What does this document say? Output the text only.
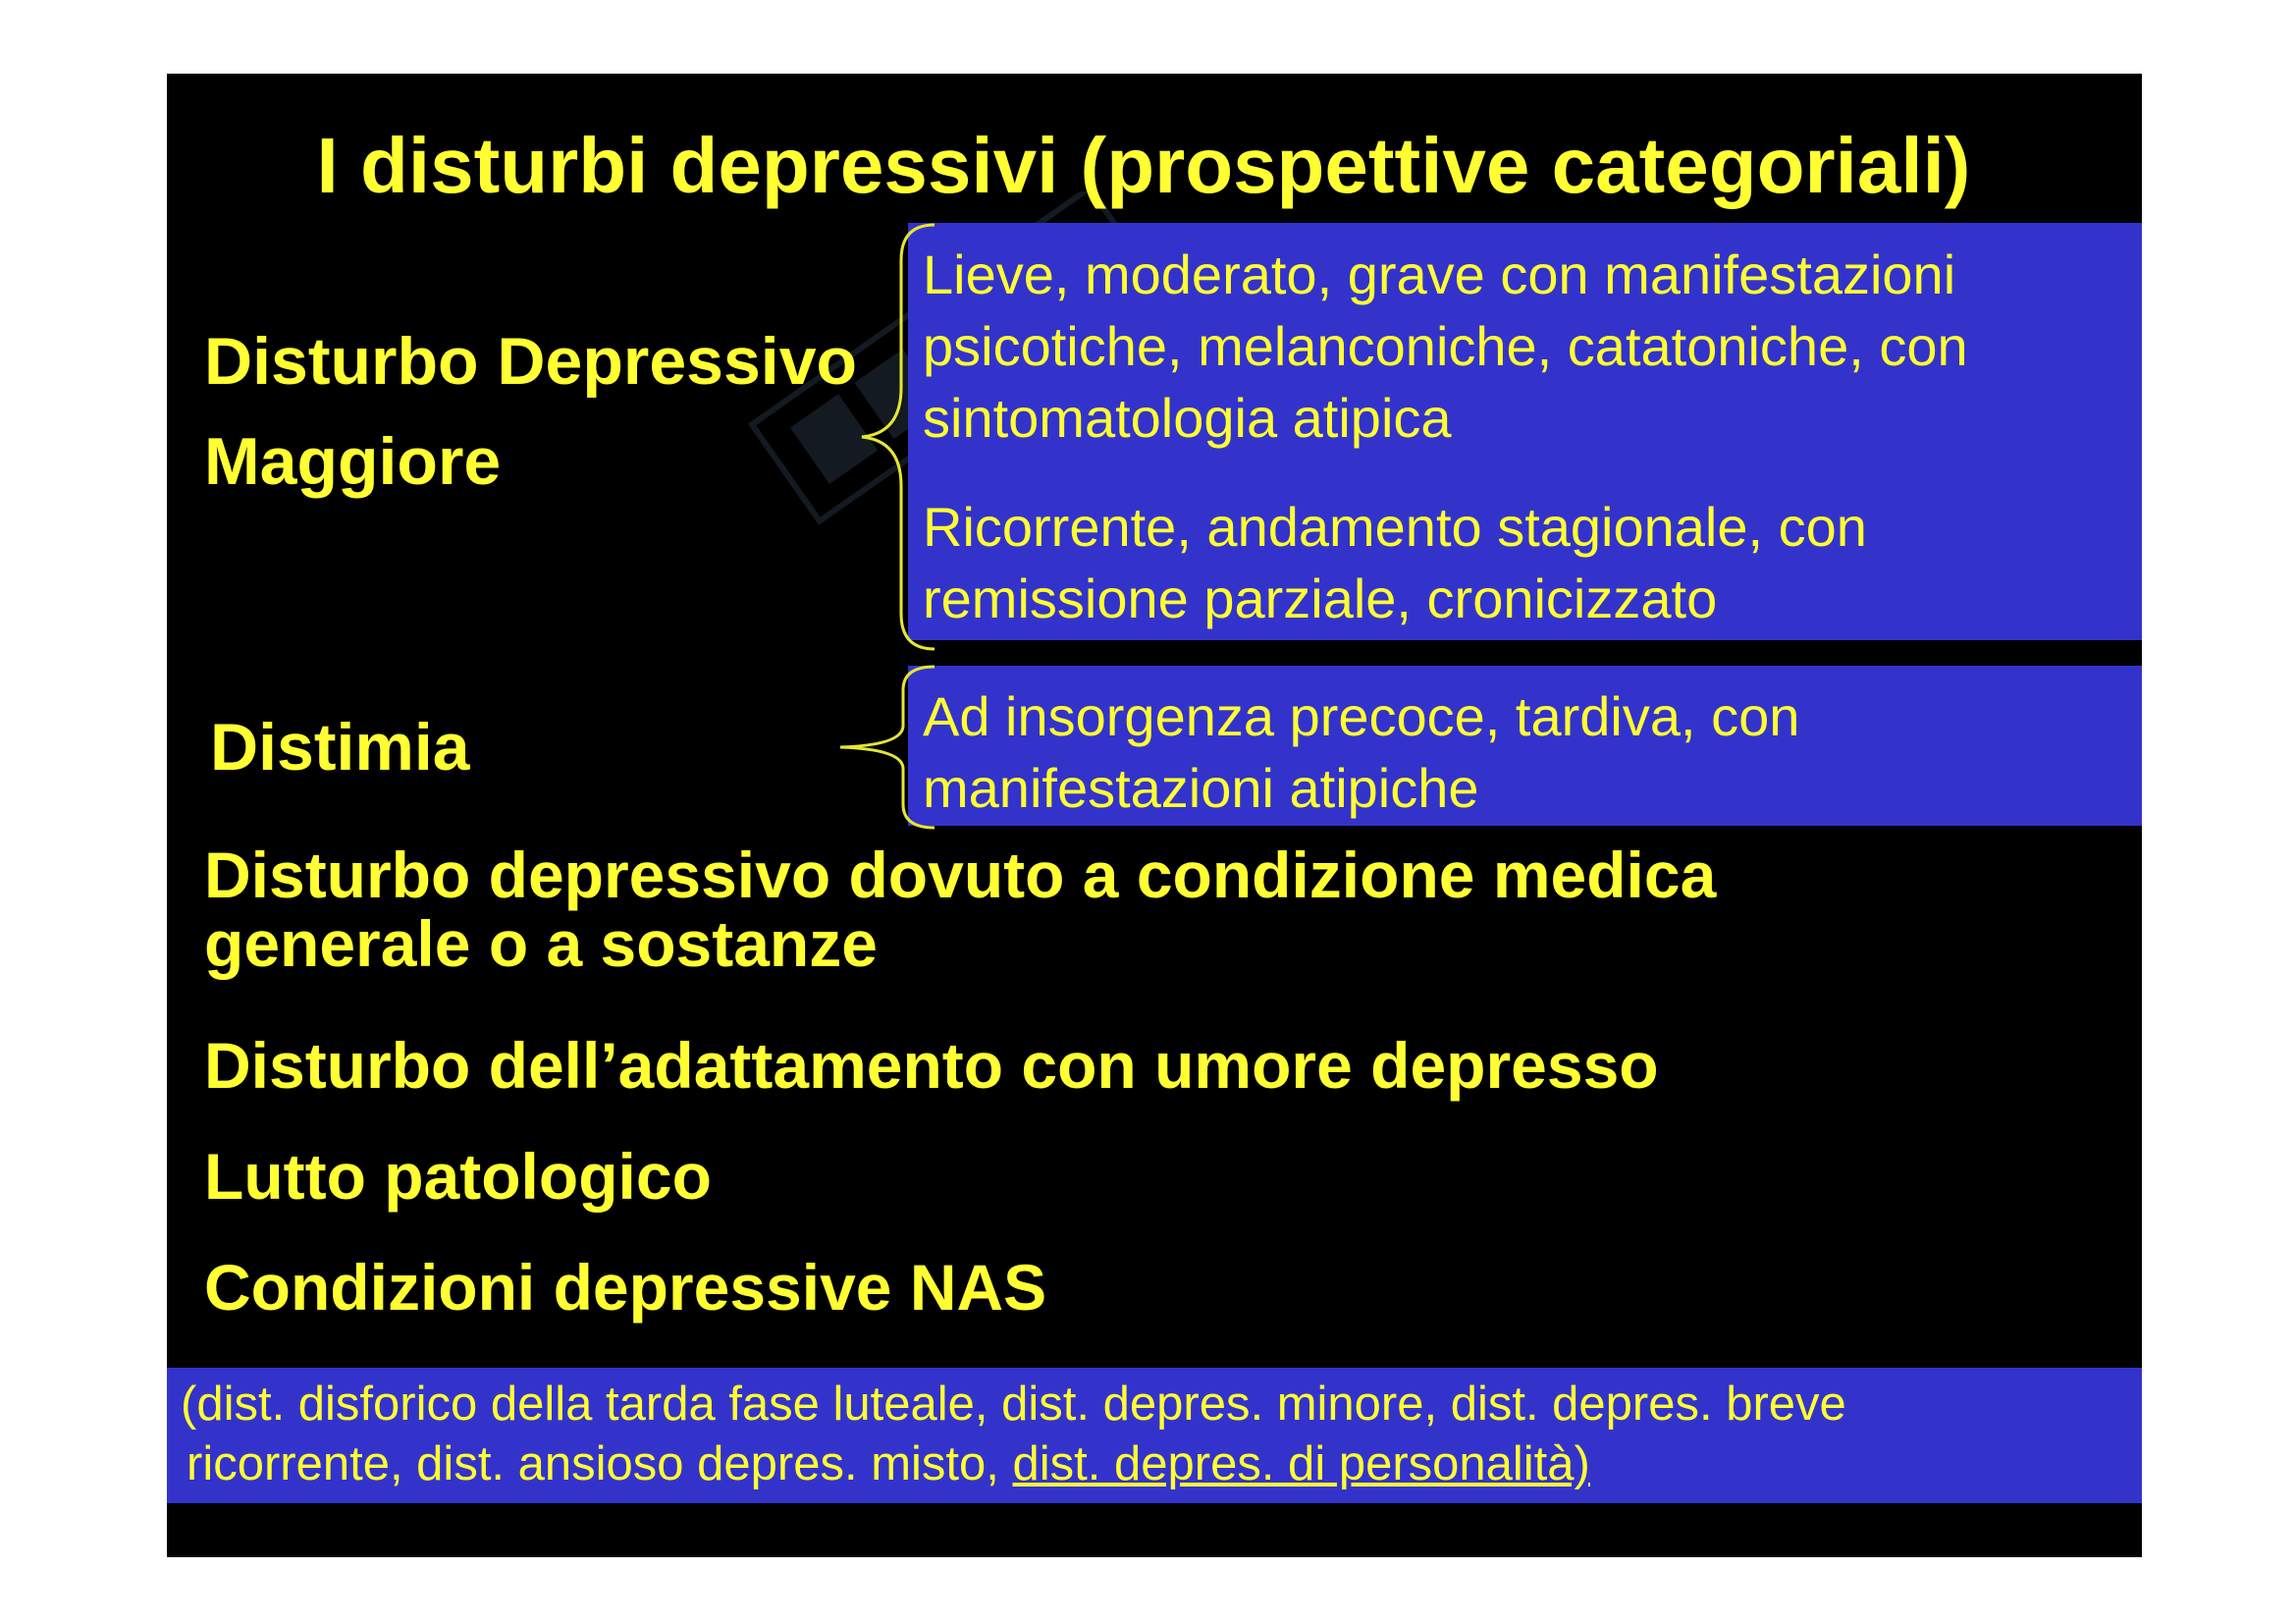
I disturbi depressivi (prospettive categoriali)
Disturbo Depressivo
Maggiore

Lieve, moderato, grave con manifestazioni

psicotiche, melanconiche, catatoniche, con

sintomatologia atipica

Ricorrente, andamento stagionale, con

remissione parziale, cronicizzato

Distimia	Ad insorgenza precoce, tardiva, con

manifestazioni atipiche

Disturbo depressivo dovuto a condizione medica
generale o a sostanze
Disturbo dell’adattamento con umore depresso
Lutto patologico
Condizioni depressive NAS

(dist. disforico della tarda fase luteale, dist. depres. minore, dist. depres. breve

ricorrente, dist. ansioso depres. misto, dist. depres. di personalità)
